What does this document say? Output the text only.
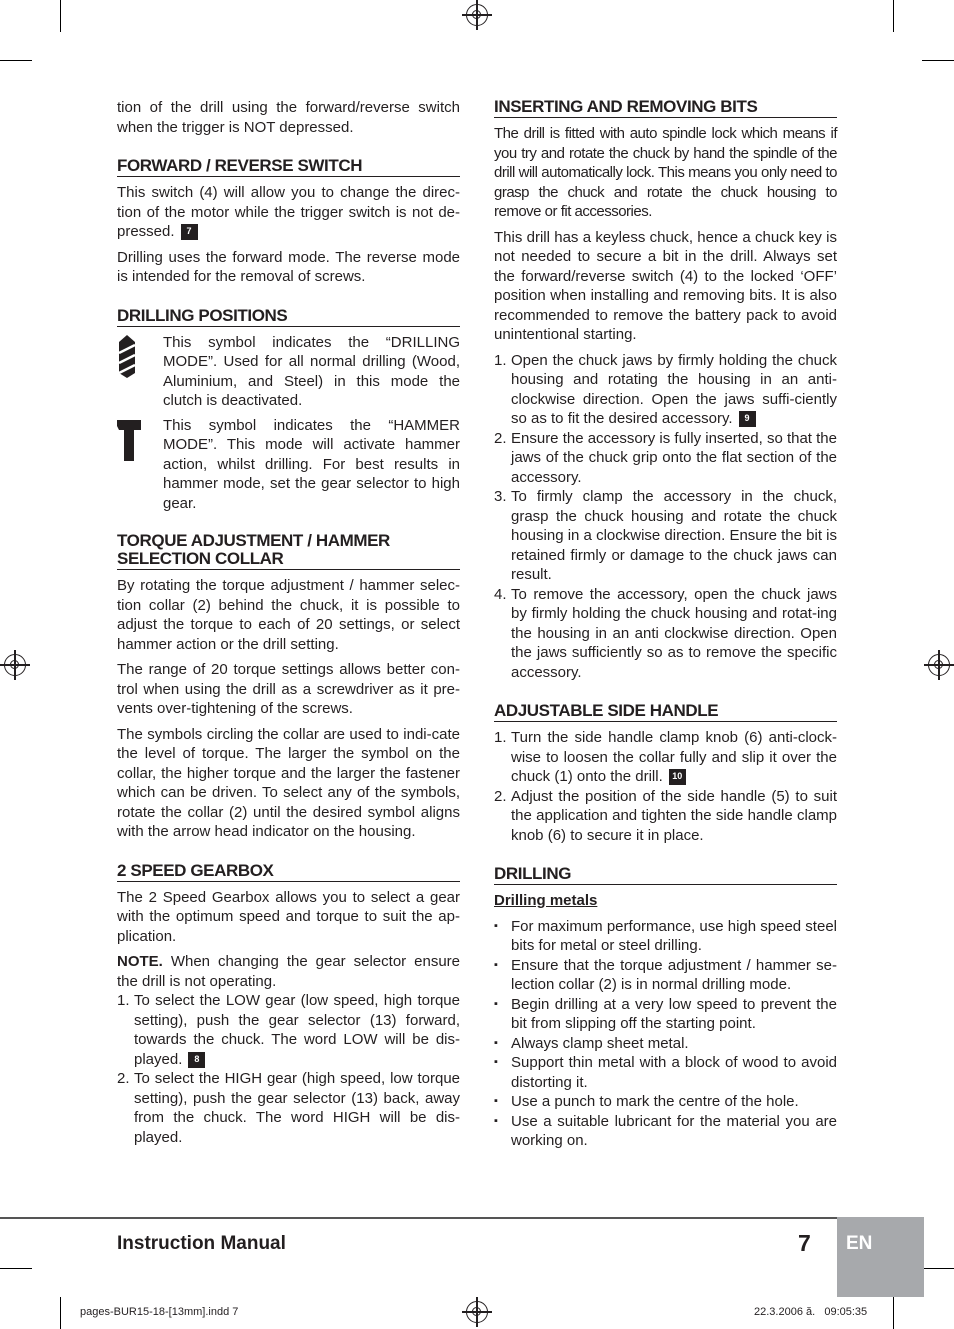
tion of the drill using the forward/reverse switch when the trigger is NOT depressed.

FORWARD / REVERSE SWITCH

This switch (4) will allow you to change the direc-tion of the motor while the trigger switch is not de-pressed. 7

Drilling uses the forward mode. The reverse mode is intended for the removal of screws.

DRILLING POSITIONS
This symbol indicates the “DRILLING MODE”. Used for all normal drilling (Wood, Aluminium, and Steel) in this mode the clutch is deactivated.
This symbol indicates the “HAMMER MODE”. This mode will activate hammer action, whilst drilling. For best results in hammer mode, set the gear selector to high gear.
TORQUE ADJUSTMENT / HAMMER
SELECTION COLLAR

By rotating the torque adjustment / hammer selec-tion collar (2) behind the chuck, it is possible to adjust the torque to each of 20 settings, or select hammer action or the drill setting.

The range of 20 torque settings allows better con-trol when using the drill as a screwdriver as it pre-vents over-tightening of the screws.

The symbols circling the collar are used to indi-cate the level of torque. The larger the symbol on the collar, the higher torque and the larger the fastener which can be driven. To select any of the symbols, rotate the collar (2) until the desired symbol aligns with the arrow head indicator on the housing.

2 SPEED GEARBOX

The 2 Speed Gearbox allows you to select a gear with the optimum speed and torque to suit the ap-plication.

NOTE. When changing the gear selector ensure the drill is not operating.

1. To select the LOW gear (low speed, high torque setting), push the gear selector (13) forward, towards the chuck. The word LOW will be dis-played. 8
2. To select the HIGH gear (high speed, low torque setting), push the gear selector (13) back, away from the chuck. The word HIGH will be dis-played.
INSERTING AND REMOVING BITS

The drill is fitted with auto spindle lock which means if you try and rotate the chuck by hand the spindle of the drill will automatically lock. This means you only need to grasp the chuck and rotate the chuck housing to remove or fit accessories.

This drill has a keyless chuck, hence a chuck key is not needed to secure a bit in the drill. Always set the forward/reverse switch (4) to the locked ‘OFF’ position when installing and removing bits. It is also recommended to remove the battery pack to avoid unintentional starting.

1. Open the chuck jaws by firmly holding the chuck housing and rotating the housing in an anti-clockwise direction. Open the jaws suffi-ciently so as to fit the desired accessory. 9
2. Ensure the accessory is fully inserted, so that the jaws of the chuck grip onto the flat section of the accessory.
3. To firmly clamp the accessory in the chuck, grasp the chuck housing and rotate the chuck housing in a clockwise direction. Ensure the bit is retained firmly or damage to the chuck jaws can result.
4. To remove the accessory, open the chuck jaws by firmly holding the chuck housing and rotat-ing the housing in an anti clockwise direction. Open the jaws sufficiently so as to remove the specific accessory.
ADJUSTABLE SIDE HANDLE
1. Turn the side handle clamp knob (6) anti-clock-wise to loosen the collar fully and slip it over the chuck (1) onto the drill. 10
2. Adjust the position of the side handle (5) to suit the application and tighten the side handle clamp knob (6) to secure it in place.
DRILLING
Drilling metals
▪ For maximum performance, use high speed steel bits for metal or steel drilling.
▪ Ensure that the torque adjustment / hammer se-lection collar (2) is in normal drilling mode.
▪ Begin drilling at a very low speed to prevent the bit from slipping off the starting point.
▪ Always clamp sheet metal.
▪ Support thin metal with a block of wood to avoid distorting it.
▪ Use a punch to mark the centre of the hole.
▪ Use a suitable lubricant for the material you are working on.
Instruction Manual	7 EN
pages-BUR15-18-[13mm].indd 7	22.3.2006 ă.   09:05:35
